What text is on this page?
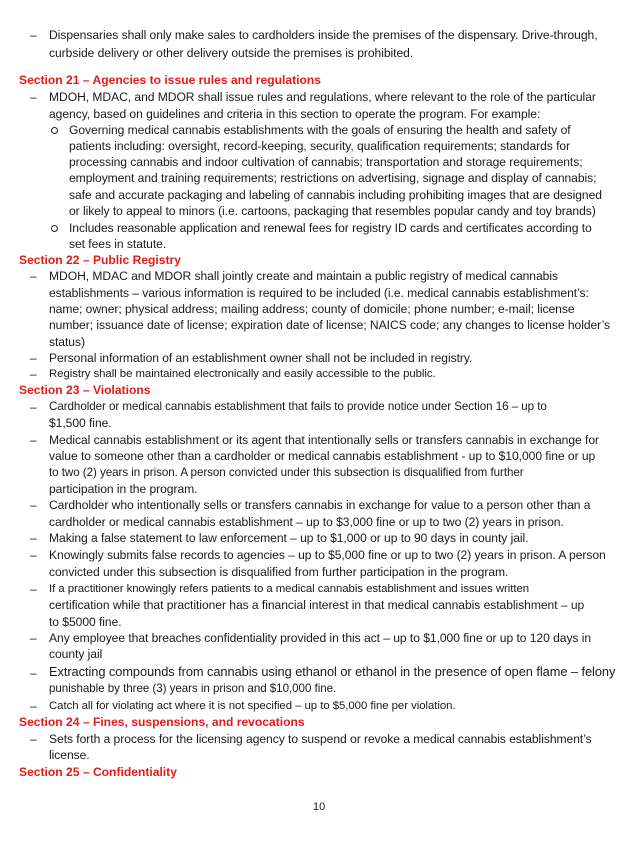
– Dispensaries shall only make sales to cardholders inside the premises of the dispensary. Drive-through,
curbside delivery or other delivery outside the premises is prohibited.
Section 21 – Agencies to issue rules and regulations
– MDOH, MDAC, and MDOR shall issue rules and regulations, where relevant to the role of the particular
agency, based on guidelines and criteria in this section to operate the program. For example:
Governing medical cannabis establishments with the goals of ensuring the health and safety of
patients including: oversight, record-keeping, security, qualification requirements; standards for
processing cannabis and indoor cultivation of cannabis; transportation and storage requirements;
employment and training requirements; restrictions on advertising, signage and display of cannabis;
safe and accurate packaging and labeling of cannabis including prohibiting images that are designed
or likely to appeal to minors (i.e. cartoons, packaging that resembles popular candy and toy brands)
Includes reasonable application and renewal fees for registry ID cards and certificates according to
set fees in statute.
Section 22 – Public Registry
– MDOH, MDAC and MDOR shall jointly create and maintain a public registry of medical cannabis
establishments – various information is required to be included (i.e. medical cannabis establishment’s:
name; owner; physical address; mailing address; county of domicile; phone number; e-mail; license
number; issuance date of license; expiration date of license; NAICS code; any changes to license holder’s
status)
– Personal information of an establishment owner shall not be included in registry.
– Registry shall be maintained electronically and easily accessible to the public.
Section 23 – Violations
– Cardholder or medical cannabis establishment that fails to provide notice under Section 16 – up to
$1,500 fine.
– Medical cannabis establishment or its agent that intentionally sells or transfers cannabis in exchange for
value to someone other than a cardholder or medical cannabis establishment - up to $10,000 fine or up
to two (2) years in prison. A person convicted under this subsection is disqualified from further
participation in the program.
– Cardholder who intentionally sells or transfers cannabis in exchange for value to a person other than a
cardholder or medical cannabis establishment – up to $3,000 fine or up to two (2) years in prison.
– Making a false statement to law enforcement – up to $1,000 or up to 90 days in county jail.
– Knowingly submits false records to agencies – up to $5,000 fine or up to two (2) years in prison. A person
convicted under this subsection is disqualified from further participation in the program.
– If a practitioner knowingly refers patients to a medical cannabis establishment and issues written
certification while that practitioner has a financial interest in that medical cannabis establishment – up
to $5000 fine.
– Any employee that breaches confidentiality provided in this act – up to $1,000 fine or up to 120 days in
county jail
– Extracting compounds from cannabis using ethanol or ethanol in the presence of open flame – felony
punishable by three (3) years in prison and $10,000 fine.
– Catch all for violating act where it is not specified – up to $5,000 fine per violation.
Section 24 – Fines, suspensions, and revocations
– Sets forth a process for the licensing agency to suspend or revoke a medical cannabis establishment’s
license.
Section 25 – Confidentiality
10
